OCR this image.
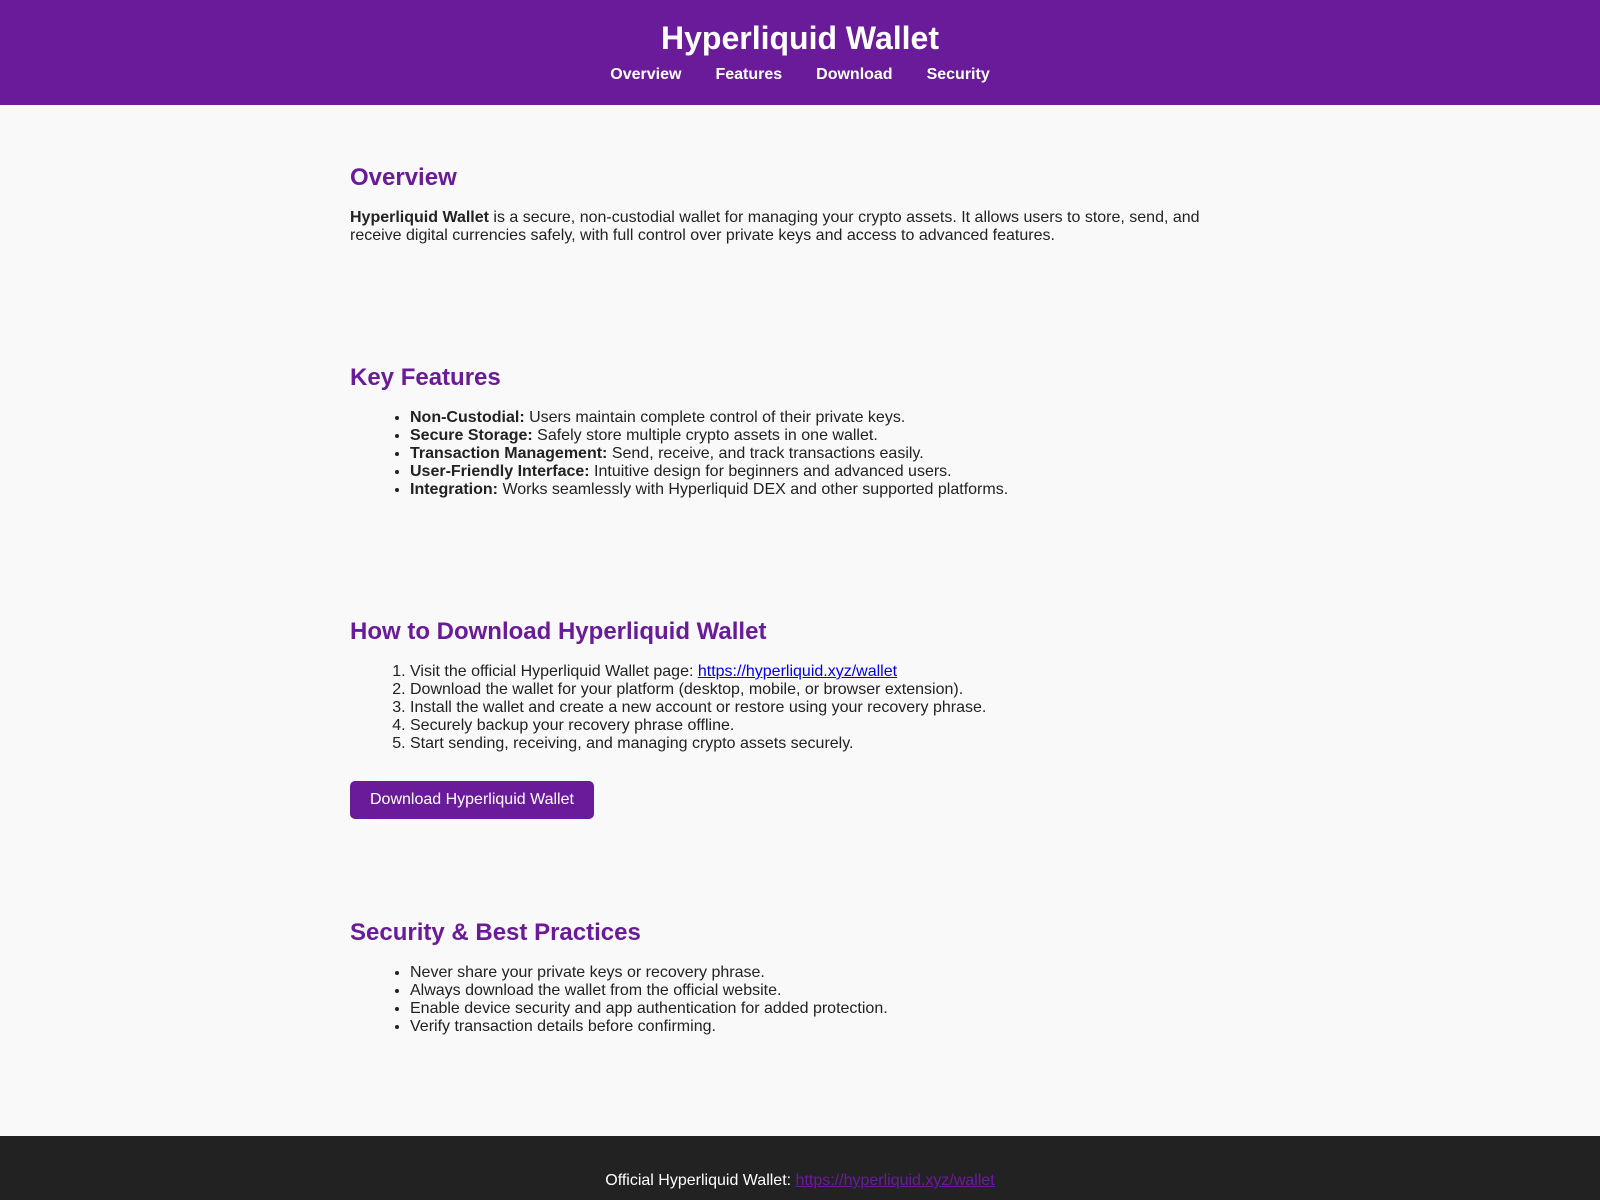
Hyperliquid Wallet
Overview Features Download Security
Overview

Hyperliquid Wallet is a secure, non-custodial wallet for managing your crypto assets. It allows users to store, send, and receive digital currencies safely, with full control over private keys and access to advanced features.

Key Features
• Non-Custodial: Users maintain complete control of their private keys.
• Secure Storage: Safely store multiple crypto assets in one wallet.
• Transaction Management: Send, receive, and track transactions easily.
• User-Friendly Interface: Intuitive design for beginners and advanced users.
• Integration: Works seamlessly with Hyperliquid DEX and other supported platforms.
How to Download Hyperliquid Wallet
1. Visit the official Hyperliquid Wallet page: https://hyperliquid.xyz/wallet
2. Download the wallet for your platform (desktop, mobile, or browser extension).
3. Install the wallet and create a new account or restore using your recovery phrase.
4. Securely backup your recovery phrase offline.
5. Start sending, receiving, and managing crypto assets securely.
Download Hyperliquid Wallet
Security & Best Practices
• Never share your private keys or recovery phrase.
• Always download the wallet from the official website.
• Enable device security and app authentication for added protection.
• Verify transaction details before confirming.

Official Hyperliquid Wallet: https://hyperliquid.xyz/wallet
